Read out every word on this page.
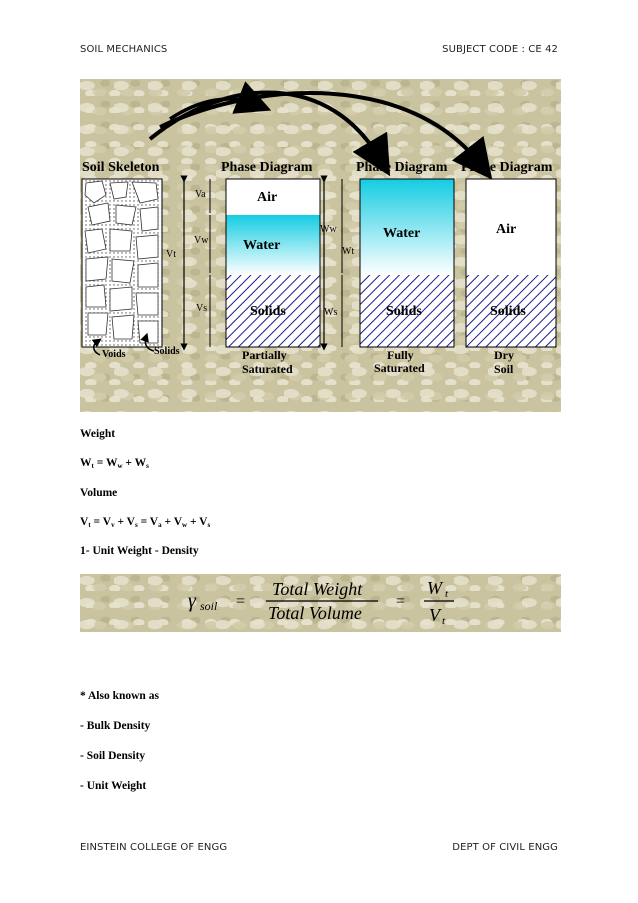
SOIL MECHANICS	SUBJECT CODE : CE 42
Soil Skeleton	Phase Diagram	Phase Diagram Phase Diagram
Voids	Solids
Va
Vw
Vs
Vt
Air
Water
Solids
Ww
Wt
Ws
Water
Solids
Air
Solids
Partially
Saturated
Fully
Saturated
Dry
Soil
Weight
$W_t = W_w + W_s$
Volume
$V_t = V_v + V_s = V_a + V_w + V_s$
1- Unit Weight - Density
γ soil =
Total Weight
Total Volume
=
W t
V t
* Also known as
- Bulk Density
- Soil Density
- Unit Weight
EINSTEIN COLLEGE OF ENGG	DEPT OF CIVIL ENGG
